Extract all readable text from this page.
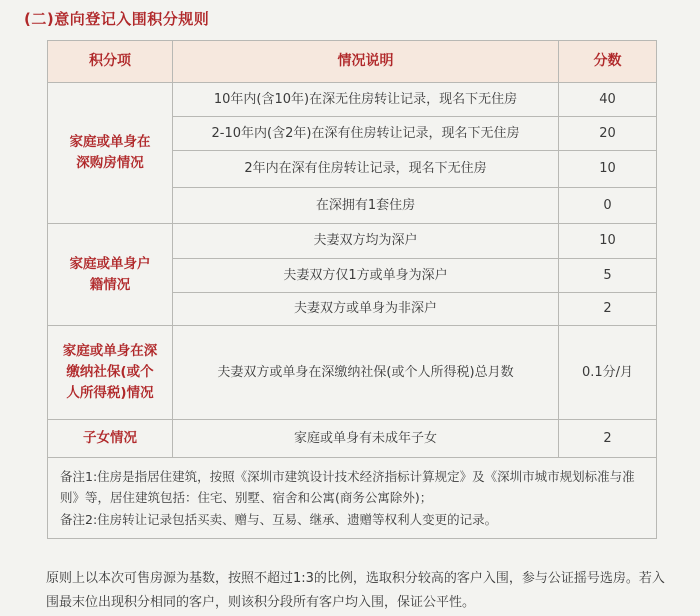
(二)意向登记入围积分规则
积分项	情况说明	分数
家庭或单身在深购房情况	10年内(含10年)在深无住房转让记录，现名下无住房	40
	2-10年内(含2年)在深有住房转让记录，现名下无住房	20
	2年内在深有住房转让记录，现名下无住房	10
	在深拥有1套住房	0
家庭或单身户籍情况	夫妻双方均为深户	10
	夫妻双方仅1方或单身为深户	5
	夫妻双方或单身为非深户	2
家庭或单身在深缴纳社保(或个人所得税)情况	夫妻双方或单身在深缴纳社保(或个人所得税)总月数	0.1分/月
子女情况	家庭或单身有未成年子女	2

备注1:住房是指居住建筑，按照《深圳市建筑设计技术经济指标计算规定》及《深圳市城市规划标准与准则》等，居住建筑包括：住宅、别墅、宿舍和公寓(商务公寓除外)；
备注2:住房转让记录包括买卖、赠与、互易、继承、遗赠等权利人变更的记录。		
原则上以本次可售房源为基数，按照不超过1:3的比例，选取积分较高的客户入围，参与公证摇号选房。若入围最末位出现积分相同的客户，则该积分段所有客户均入围，保证公平性。
